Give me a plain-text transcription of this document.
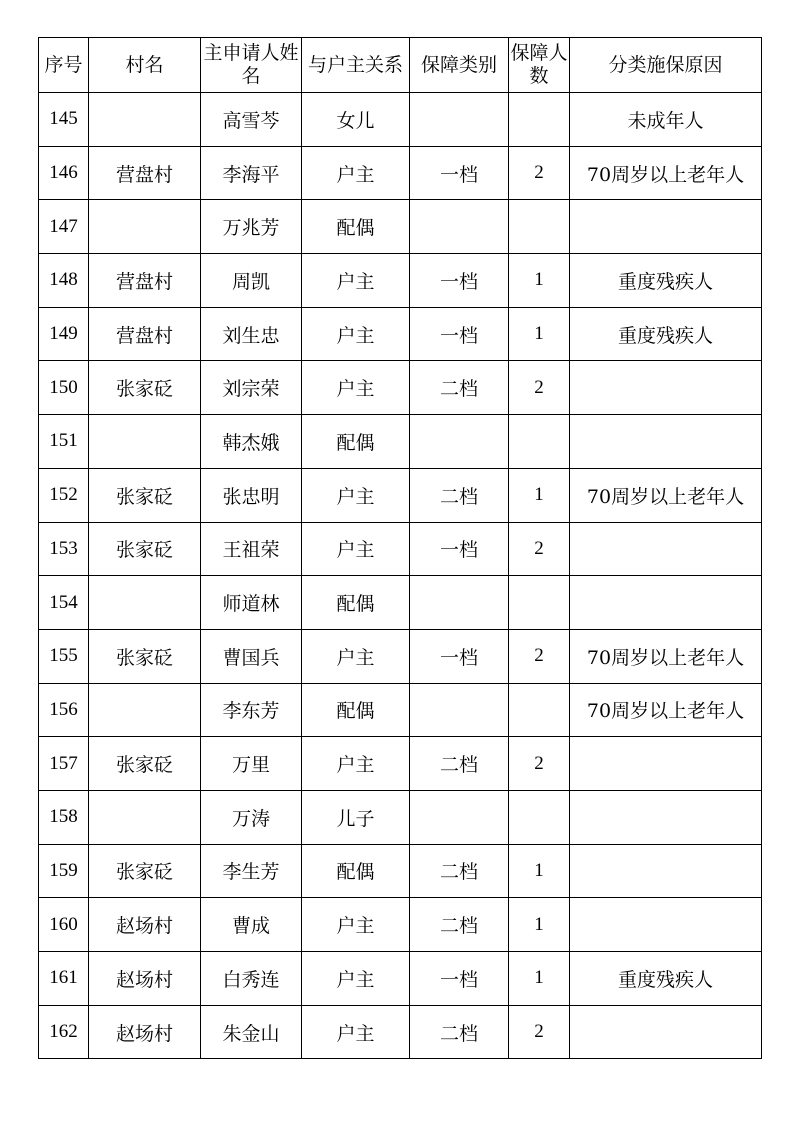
序号	村名	主申请人姓名	与户主关系	保障类别	保障人数	分类施保原因
145		高雪芩	女儿			未成年人
146	营盘村	李海平	户主	一档	2	70周岁以上老年人
147		万兆芳	配偶			
148	营盘村	周凯	户主	一档	1	重度残疾人
149	营盘村	刘生忠	户主	一档	1	重度残疾人
150	张家砭	刘宗荣	户主	二档	2	
151		韩杰娥	配偶			
152	张家砭	张忠明	户主	二档	1	70周岁以上老年人
153	张家砭	王祖荣	户主	一档	2	
154		师道林	配偶			
155	张家砭	曹国兵	户主	一档	2	70周岁以上老年人
156		李东芳	配偶			70周岁以上老年人
157	张家砭	万里	户主	二档	2	
158		万涛	儿子			
159	张家砭	李生芳	配偶	二档	1	
160	赵场村	曹成	户主	二档	1	
161	赵场村	白秀连	户主	一档	1	重度残疾人
162	赵场村	朱金山	户主	二档	2	
